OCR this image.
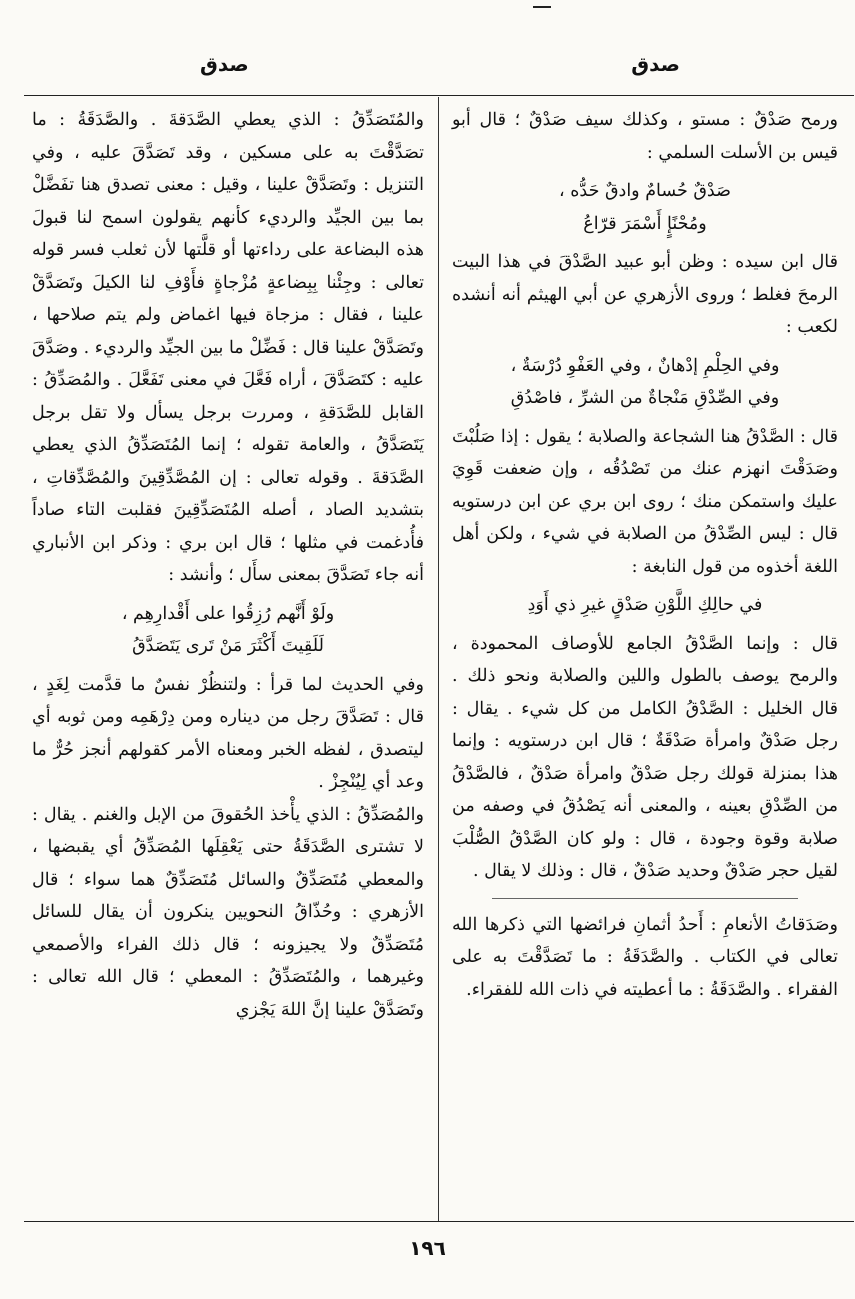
صدق
صدق

ورمح صَدْقٌ : مستو ، وكذلك سيف صَدْقٌ ؛ قال أبو قيس بن الأسلت السلمي :

صَدْقٌ حُسامٌ وادقٌ حَدُّه ،
ومُحْنًإٍ أَسْمَرَ قرّاعُ

قال ابن سيده : وظن أبو عبيد الصَّدْقَ في هذا البيت الرمحَ فغلط ؛ وروى الأزهري عن أبي الهيثم أنه أنشده لكعب :

وفي الحِلْمِ إدْهانٌ ، وفي العَفْوِ دُرْسَةٌ ،
وفي الصِّدْقِ مَنْجاةٌ من الشرِّ ، فاصْدُقِ

قال : الصَّدْقُ هنا الشجاعة والصلابة ؛ يقول : إذا صَلُبْتَ وصَدَقْتَ انهزم عنك من تَصْدُقُه ، وإن ضعفت قَوِيَ عليك واستمكن منك ؛ روى ابن بري عن ابن درستويه قال : ليس الصِّدْقُ من الصلابة في شيء ، ولكن أهل اللغة أخذوه من قول النابغة :

في حالِكِ اللَّوْنِ صَدْقٍ غيرِ ذي أَوَدِ

قال : وإنما الصَّدْقُ الجامع للأوصاف المحمودة ، والرمح يوصف بالطول واللين والصلابة ونحو ذلك . قال الخليل : الصَّدْقُ الكامل من كل شيء . يقال : رجل صَدْقٌ وامرأة صَدْقَةٌ ؛ قال ابن درستويه : وإنما هذا بمنزلة قولك رجل صَدْقٌ وامرأة صَدْقٌ ، فالصَّدْقُ من الصِّدْقِ بعينه ، والمعنى أنه يَصْدُقُ في وصفه من صلابة وقوة وجودة ، قال : ولو كان الصَّدْقُ الصُّلْبَ لقيل حجر صَدْقٌ وحديد صَدْقٌ ، قال : وذلك لا يقال .

وصَدَقاتُ الأنعامِ : أَحدُ أثمانِ فرائضها التي ذكرها الله تعالى في الكتاب . والصَّدَقَةُ : ما تَصَدَّقْتَ به على الفقراء . والصَّدَقَةُ : ما أعطيته في ذات الله للفقراء.

والمُتَصَدِّقُ : الذي يعطي الصَّدَقةَ . والصَّدَقَةُ : ما تصَدَّقْتَ به على مسكين ، وقد تَصَدَّقَ عليه ، وفي التنزيل : وتَصَدَّقْ علينا ، وقيل : معنى تصدق هنا تفَضَّلْ بما بين الجيِّد والرديء كأنهم يقولون اسمح لنا قبولَ هذه البضاعة على رداءتها أو قلَّتها لأن ثعلب فسر قوله تعالى : وجِئْنا بِبِضاعةٍ مُزْجاةٍ فأَوْفِ لنا الكيلَ وتَصَدَّقْ علينا ، فقال : مزجاة فيها اغماض ولم يتم صلاحها ، وتَصَدَّقْ علينا قال : فَضِّلْ ما بين الجيِّد والرديء . وصَدَّقَ عليه : كتَصَدَّقَ ، أراه فَعَّلَ في معنى تَفَعَّلَ . والمُصَدِّقُ : القابل للصَّدَقةِ ، ومررت برجل يسأل ولا تقل برجل يَتَصَدَّقُ ، والعامة تقوله ؛ إنما المُتَصَدِّقُ الذي يعطي الصَّدَقةَ . وقوله تعالى : إن المُصَّدِّقِينَ والمُصَّدِّقاتِ ، بتشديد الصاد ، أصله المُتَصَدِّقِينَ فقلبت التاء صاداً فأُدغمت في مثلها ؛ قال ابن بري : وذكر ابن الأنباري أنه جاء تَصَدَّقَ بمعنى سأَل ؛ وأنشد :

ولَوْ أَنَّهم رُزِقُوا على أَقْدارِهِم ،
لَلَقِيتَ أَكْثَرَ مَنْ تَرى يَتَصَدَّقُ

وفي الحديث لما قرأ : ولتنظُرْ نفسٌ ما قدَّمت لِغَدٍ ، قال : تَصَدَّقَ رجل من ديناره ومن دِرْهَمِه ومن ثوبه أي ليتصدق ، لفظه الخبر ومعناه الأمر كقولهم أنجز حُرٌّ ما وعد أي لِيُنْجِزْ .

والمُصَدِّقُ : الذي يأْخذ الحُقوقَ من الإبل والغنم . يقال : لا تشترى الصَّدَقَةُ حتى يَعْقِلَها المُصَدِّقُ أي يقبضها ، والمعطي مُتَصَدِّقٌ والسائل مُتَصَدِّقٌ هما سواء ؛ قال الأزهري : وحُذّاقُ النحويين ينكرون أن يقال للسائل مُتَصَدِّقٌ ولا يجيزونه ؛ قال ذلك الفراء والأصمعي وغيرهما ، والمُتَصَدِّقُ : المعطي ؛ قال الله تعالى : وتَصَدَّقْ علينا إنَّ اللهَ يَجْزي

١٩٦
